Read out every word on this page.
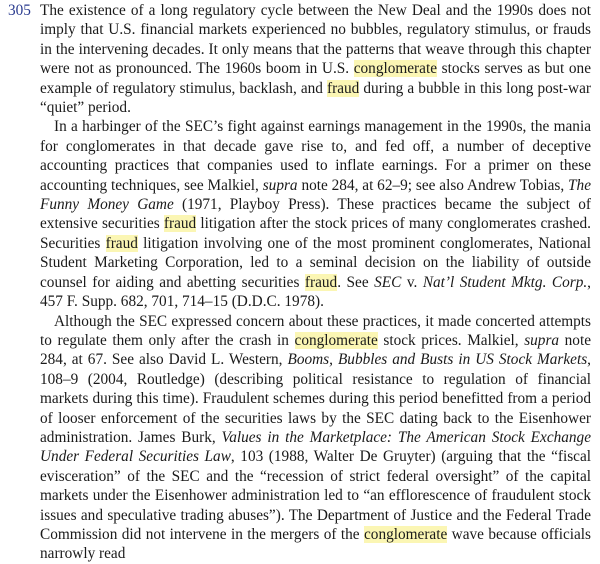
305 The existence of a long regulatory cycle between the New Deal and the 1990s does not imply that U.S. financial markets experienced no bubbles, regulatory stimulus, or frauds in the intervening decades. It only means that the patterns that weave through this chapter were not as pronounced. The 1960s boom in U.S. conglomerate stocks serves as but one example of regulatory stimulus, backlash, and fraud during a bubble in this long post-war “quiet” period.

In a harbinger of the SEC’s fight against earnings management in the 1990s, the mania for conglomerates in that decade gave rise to, and fed off, a number of deceptive accounting practices that companies used to inflate earnings. For a primer on these accounting techniques, see Malkiel, supra note 284, at 62–9; see also Andrew Tobias, The Funny Money Game (1971, Playboy Press). These practices became the subject of extensive securities fraud litigation after the stock prices of many conglomerates crashed. Securities fraud litigation involving one of the most prominent conglomerates, National Student Marketing Corporation, led to a seminal decision on the liability of outside counsel for aiding and abetting securities fraud. See SEC v. Nat’l Student Mktg. Corp., 457 F. Supp. 682, 701, 714–15 (D.D.C. 1978).

Although the SEC expressed concern about these practices, it made concerted attempts to regulate them only after the crash in conglomerate stock prices. Malkiel, supra note 284, at 67. See also David L. Western, Booms, Bubbles and Busts in US Stock Markets, 108–9 (2004, Routledge) (describing political resistance to regulation of financial markets during this time). Fraudulent schemes during this period benefitted from a period of looser enforcement of the securities laws by the SEC dating back to the Eisenhower administration. James Burk, Values in the Marketplace: The American Stock Exchange Under Federal Securities Law, 103 (1988, Walter De Gruyter) (arguing that the “fiscal evisceration” of the SEC and the “recession of strict federal oversight” of the capital markets under the Eisenhower administration led to “an efflorescence of fraudulent stock issues and speculative trading abuses”). The Department of Justice and the Federal Trade Commission did not intervene in the mergers of the conglomerate wave because officials narrowly read
